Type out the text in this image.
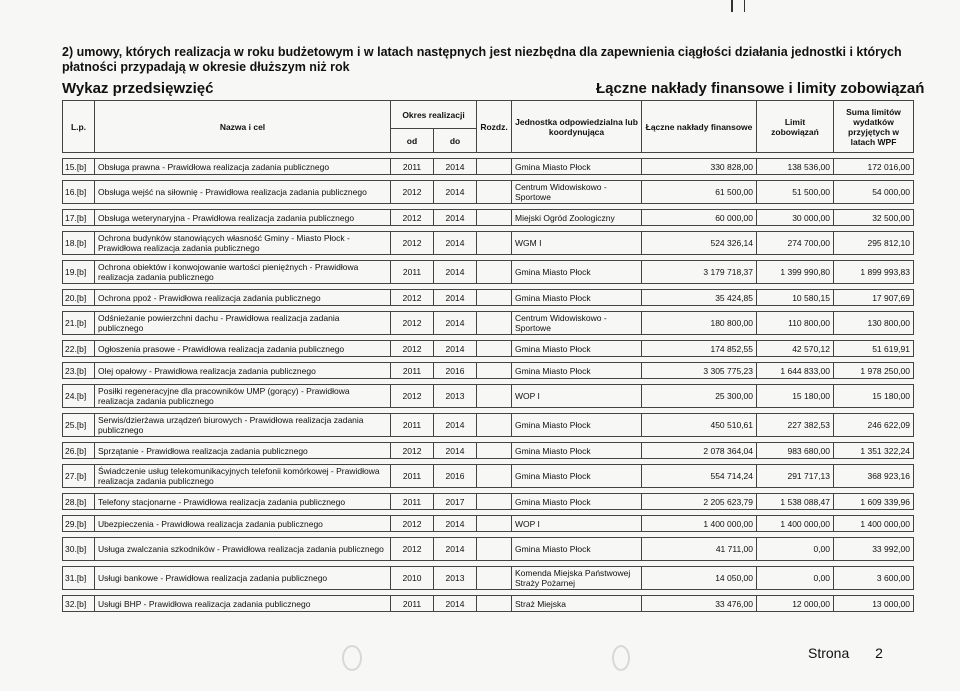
2) umowy, których realizacja w roku budżetowym i w latach następnych jest niezbędna dla zapewnienia ciągłości działania jednostki i których płatności przypadają w okresie dłuższym niż rok
Wykaz przedsięwzięć	Łączne nakłady finansowe i limity zobowiązań
L.p.	Nazwa i cel	Okres realizacji		Rozdz.	Jednostka odpowiedzialna lub koordynująca	Łączne nakłady finansowe	Limit zobowiązań	Suma limitów wydatków przyjętych w latach WPF
		od	do					

15.[b]	Obsługa prawna - Prawidłowa realizacja zadania publicznego	2011	2014		Gmina Miasto Płock	330 828,00	138 536,00	172 016,00

16.[b]	Obsługa wejść na siłownię - Prawidłowa realizacja zadania publicznego	2012	2014		Centrum Widowiskowo - Sportowe	61 500,00	51 500,00	54 000,00

17.[b]	Obsługa weterynaryjna - Prawidłowa realizacja zadania publicznego	2012	2014		Miejski Ogród Zoologiczny	60 000,00	30 000,00	32 500,00

18.[b]	Ochrona budynków stanowiących własność Gminy - Miasto Płock - Prawidłowa realizacja zadania publicznego	2012	2014		WGM I	524 326,14	274 700,00	295 812,10

19.[b]	Ochrona obiektów i konwojowanie wartości pieniężnych - Prawidłowa realizacja zadania publicznego	2011	2014		Gmina Miasto Płock	3 179 718,37	1 399 990,80	1 899 993,83

20.[b]	Ochrona ppoż - Prawidłowa realizacja zadania publicznego	2012	2014		Gmina Miasto Płock	35 424,85	10 580,15	17 907,69

21.[b]	Odśnieżanie powierzchni dachu - Prawidłowa realizacja zadania publicznego	2012	2014		Centrum Widowiskowo - Sportowe	180 800,00	110 800,00	130 800,00

22.[b]	Ogłoszenia prasowe - Prawidłowa realizacja zadania publicznego	2012	2014		Gmina Miasto Płock	174 852,55	42 570,12	51 619,91

23.[b]	Olej opałowy - Prawidłowa realizacja zadania publicznego	2011	2016		Gmina Miasto Płock	3 305 775,23	1 644 833,00	1 978 250,00

24.[b]	Posiłki regeneracyjne dla pracowników UMP (gorący) - Prawidłowa realizacja zadania publicznego	2012	2013		WOP I	25 300,00	15 180,00	15 180,00

25.[b]	Serwis/dzierżawa urządzeń biurowych - Prawidłowa realizacja zadania publicznego	2011	2014		Gmina Miasto Płock	450 510,61	227 382,53	246 622,09

26.[b]	Sprzątanie - Prawidłowa realizacja zadania publicznego	2012	2014		Gmina Miasto Płock	2 078 364,04	983 680,00	1 351 322,24

27.[b]	Świadczenie usług telekomunikacyjnych telefonii komórkowej - Prawidłowa realizacja zadania publicznego	2011	2016		Gmina Miasto Płock	554 714,24	291 717,13	368 923,16

28.[b]	Telefony stacjonarne - Prawidłowa realizacja zadania publicznego	2011	2017		Gmina Miasto Płock	2 205 623,79	1 538 088,47	1 609 339,96

29.[b]	Ubezpieczenia - Prawidłowa realizacja zadania publicznego	2012	2014		WOP I	1 400 000,00	1 400 000,00	1 400 000,00

30.[b]	Usługa zwalczania szkodników - Prawidłowa realizacja zadania publicznego	2012	2014		Gmina Miasto Płock	41 711,00	0,00	33 992,00

31.[b]	Usługi bankowe - Prawidłowa realizacja zadania publicznego	2010	2013		Komenda Miejska Państwowej Straży Pożarnej	14 050,00	0,00	3 600,00

32.[b]	Usługi BHP - Prawidłowa realizacja zadania publicznego	2011	2014		Straż Miejska	33 476,00	12 000,00	13 000,00
Strona 2
